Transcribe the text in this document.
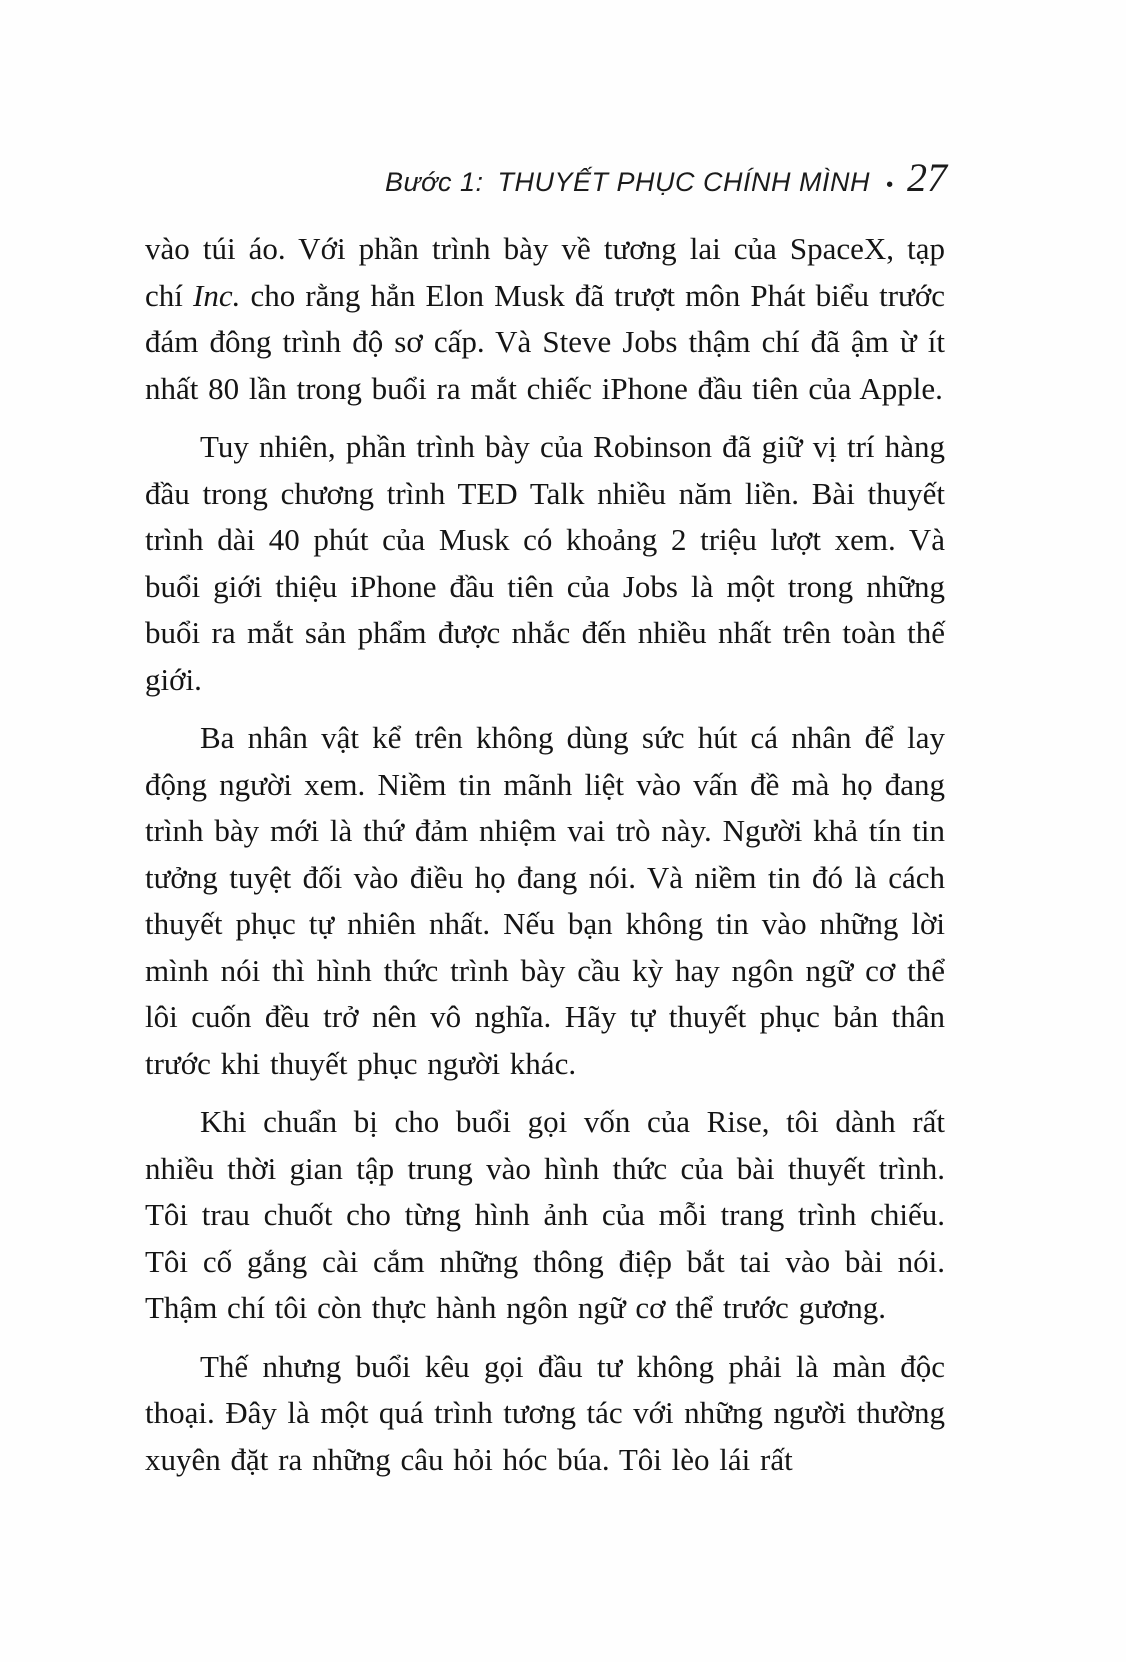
Bước 1: THUYẾT PHỤC CHÍNH MÌNH • 27

vào túi áo. Với phần trình bày về tương lai của SpaceX, tạp chí Inc. cho rằng hẳn Elon Musk đã trượt môn Phát biểu trước đám đông trình độ sơ cấp. Và Steve Jobs thậm chí đã ậm ừ ít nhất 80 lần trong buổi ra mắt chiếc iPhone đầu tiên của Apple.

Tuy nhiên, phần trình bày của Robinson đã giữ vị trí hàng đầu trong chương trình TED Talk nhiều năm liền. Bài thuyết trình dài 40 phút của Musk có khoảng 2 triệu lượt xem. Và buổi giới thiệu iPhone đầu tiên của Jobs là một trong những buổi ra mắt sản phẩm được nhắc đến nhiều nhất trên toàn thế giới.

Ba nhân vật kể trên không dùng sức hút cá nhân để lay động người xem. Niềm tin mãnh liệt vào vấn đề mà họ đang trình bày mới là thứ đảm nhiệm vai trò này. Người khả tín tin tưởng tuyệt đối vào điều họ đang nói. Và niềm tin đó là cách thuyết phục tự nhiên nhất. Nếu bạn không tin vào những lời mình nói thì hình thức trình bày cầu kỳ hay ngôn ngữ cơ thể lôi cuốn đều trở nên vô nghĩa. Hãy tự thuyết phục bản thân trước khi thuyết phục người khác.

Khi chuẩn bị cho buổi gọi vốn của Rise, tôi dành rất nhiều thời gian tập trung vào hình thức của bài thuyết trình. Tôi trau chuốt cho từng hình ảnh của mỗi trang trình chiếu. Tôi cố gắng cài cắm những thông điệp bắt tai vào bài nói. Thậm chí tôi còn thực hành ngôn ngữ cơ thể trước gương.

Thế nhưng buổi kêu gọi đầu tư không phải là màn độc thoại. Đây là một quá trình tương tác với những người thường xuyên đặt ra những câu hỏi hóc búa. Tôi lèo lái rất
